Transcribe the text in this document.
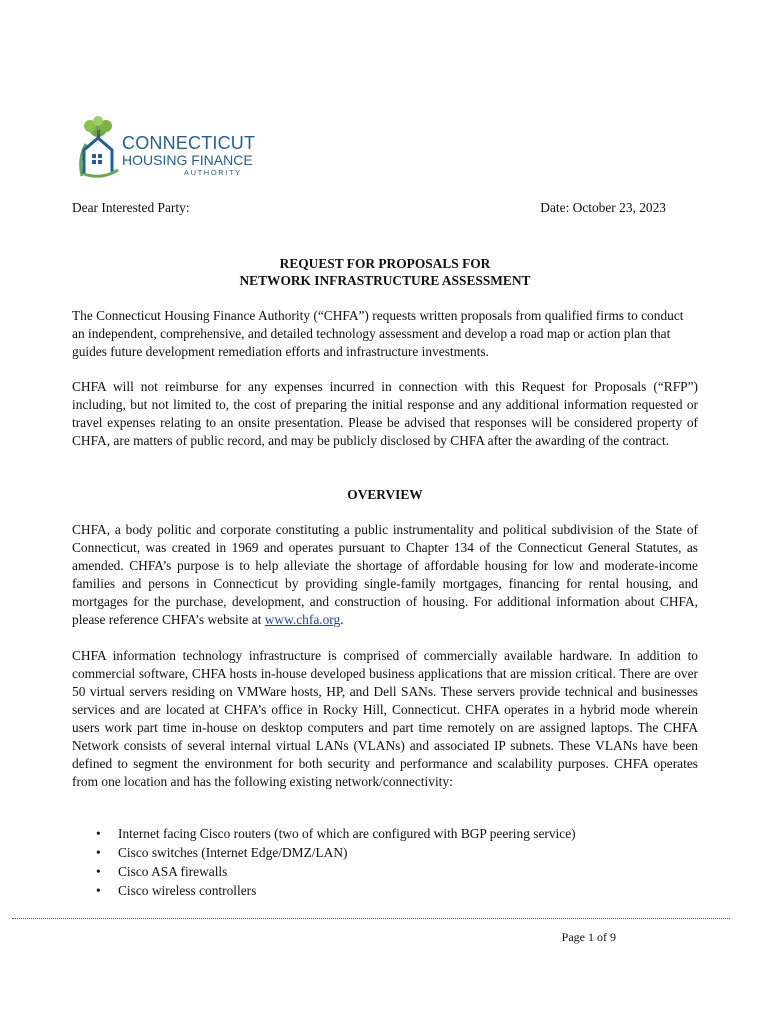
CONNECTICUT
HOUSING FINANCE
AUTHORITY
Dear Interested Party:	Date: October 23, 2023
REQUEST FOR PROPOSALS FOR
NETWORK INFRASTRUCTURE ASSESSMENT

The Connecticut Housing Finance Authority (“CHFA”) requests written proposals from qualified firms to conduct an independent, comprehensive, and detailed technology assessment and develop a road map or action plan that guides future development remediation efforts and infrastructure investments.

CHFA will not reimburse for any expenses incurred in connection with this Request for Proposals (“RFP”) including, but not limited to, the cost of preparing the initial response and any additional information requested or travel expenses relating to an onsite presentation. Please be advised that responses will be considered property of CHFA, are matters of public record, and may be publicly disclosed by CHFA after the awarding of the contract.

OVERVIEW

CHFA, a body politic and corporate constituting a public instrumentality and political subdivision of the State of Connecticut, was created in 1969 and operates pursuant to Chapter 134 of the Connecticut General Statutes, as amended. CHFA’s purpose is to help alleviate the shortage of affordable housing for low and moderate-income families and persons in Connecticut by providing single-family mortgages, financing for rental housing, and mortgages for the purchase, development, and construction of housing. For additional information about CHFA, please reference CHFA’s website at www.chfa.org.

CHFA information technology infrastructure is comprised of commercially available hardware. In addition to commercial software, CHFA hosts in-house developed business applications that are mission critical. There are over 50 virtual servers residing on VMWare hosts, HP, and Dell SANs. These servers provide technical and businesses services and are located at CHFA’s office in Rocky Hill, Connecticut. CHFA operates in a hybrid mode wherein users work part time in-house on desktop computers and part time remotely on are assigned laptops. The CHFA Network consists of several internal virtual LANs (VLANs) and associated IP subnets. These VLANs have been defined to segment the environment for both security and performance and scalability purposes. CHFA operates from one location and has the following existing network/connectivity:

• Internet facing Cisco routers (two of which are configured with BGP peering service)
• Cisco switches (Internet Edge/DMZ/LAN)
• Cisco ASA firewalls
• Cisco wireless controllers
Page 1 of 9
